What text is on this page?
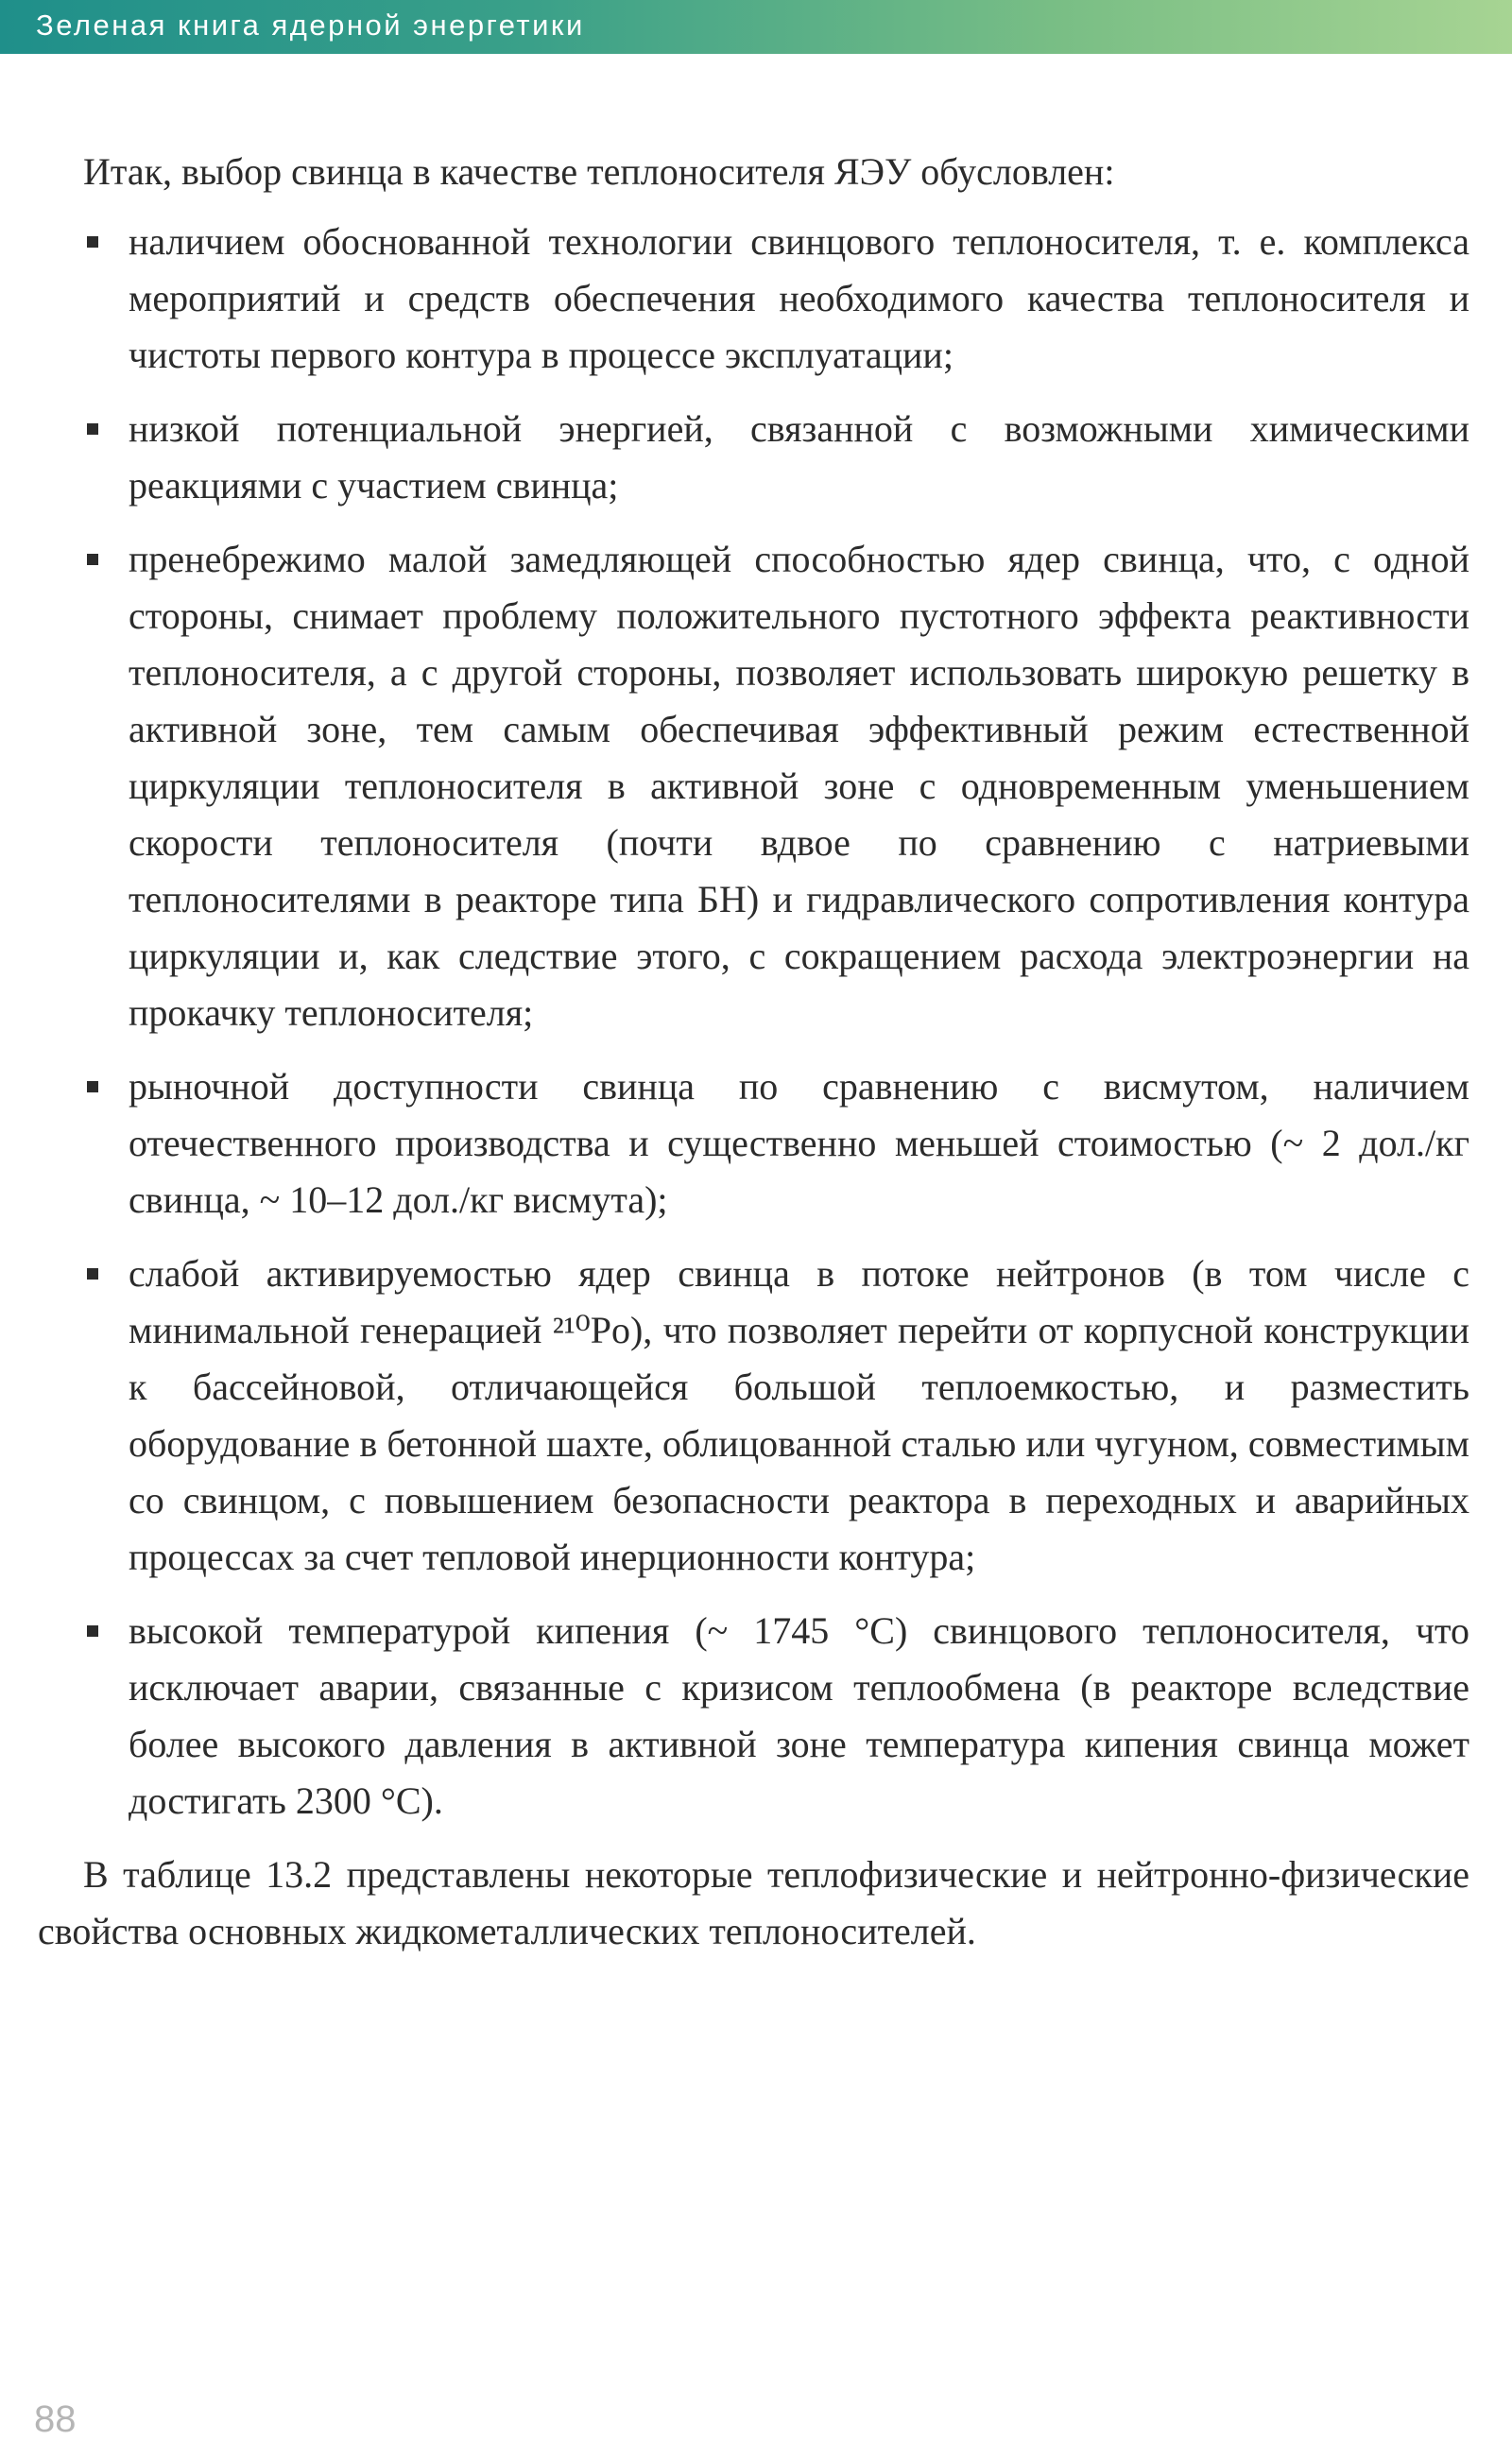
Зеленая книга ядерной энергетики

Итак, выбор свинца в качестве теплоносителя ЯЭУ обусловлен:

наличием обоснованной технологии свинцового теплоносителя, т. е. комплекса мероприятий и средств обеспечения необходимого качества теплоносителя и чистоты первого контура в процессе эксплуатации;
низкой потенциальной энергией, связанной с возможными химическими реакциями с участием свинца;
пренебрежимо малой замедляющей способностью ядер свинца, что, с одной стороны, снимает проблему положительного пустотного эффекта реактивности теплоносителя, а с другой стороны, позволяет использовать широкую решетку в активной зоне, тем самым обеспечивая эффективный режим естественной циркуляции теплоносителя в активной зоне с одновременным уменьшением скорости теплоносителя (почти вдвое по сравнению с натриевыми теплоносителями в реакторе типа БН) и гидравлического сопротивления контура циркуляции и, как следствие этого, с сокращением расхода электроэнергии на прокачку теплоносителя;
рыночной доступности свинца по сравнению с висмутом, наличием отечественного производства и существенно меньшей стоимостью (~ 2 дол./кг свинца, ~ 10–12 дол./кг висмута);
слабой активируемостью ядер свинца в потоке нейтронов (в том числе с минимальной генерацией ²¹⁰Po), что позволяет перейти от корпусной конструкции к бассейновой, отличающейся большой теплоемкостью, и разместить оборудование в бетонной шахте, облицованной сталью или чугуном, совместимым со свинцом, с повышением безопасности реактора в переходных и аварийных процессах за счет тепловой инерционности контура;
высокой температурой кипения (~ 1745 °С) свинцового теплоносителя, что исключает аварии, связанные с кризисом теплообмена (в реакторе вследствие более высокого давления в активной зоне температура кипения свинца может достигать 2300 °С).

В таблице 13.2 представлены некоторые теплофизические и нейтронно-физические свойства основных жидкометаллических теплоносителей.

88
